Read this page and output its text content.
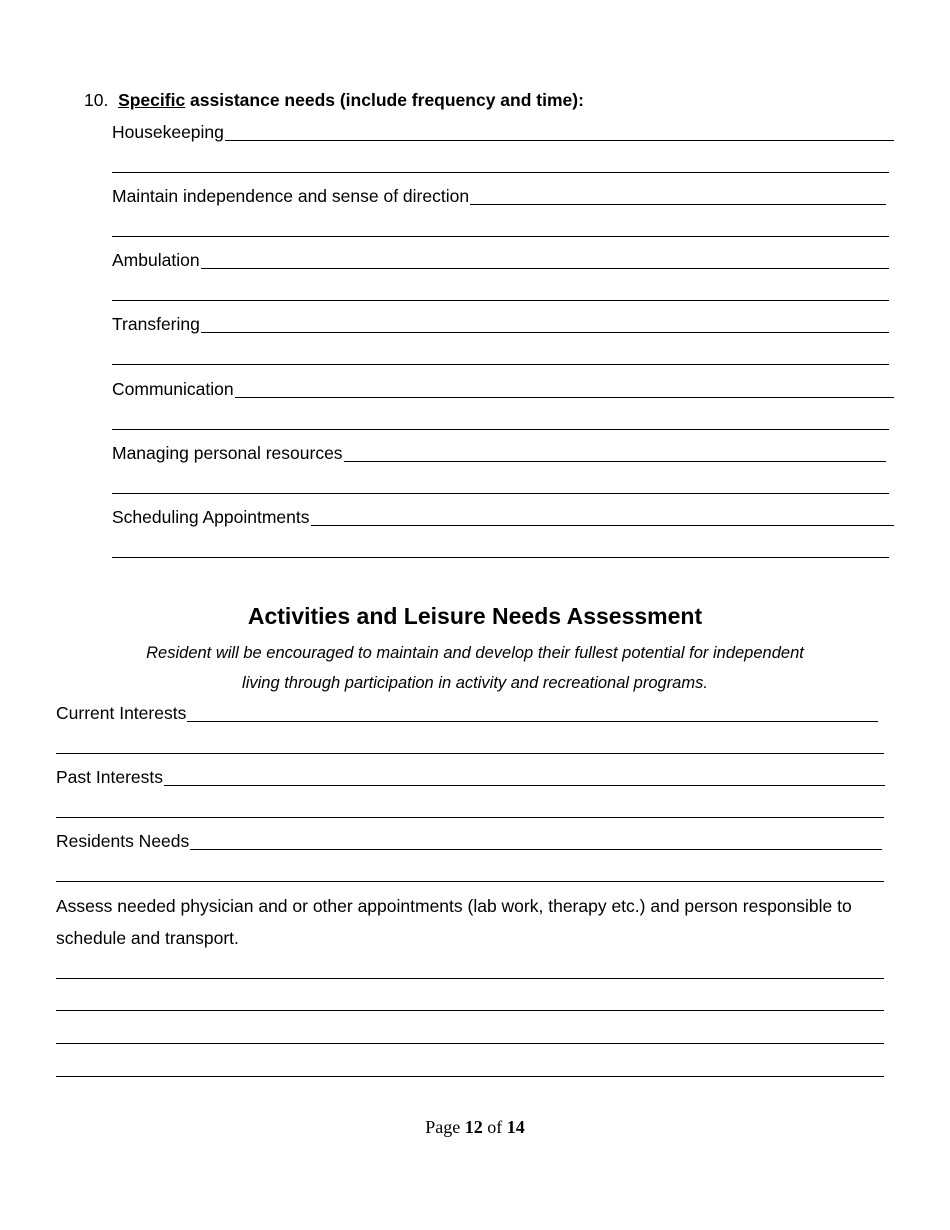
10. Specific assistance needs (include frequency and time):
Housekeeping
Maintain independence and sense of direction
Ambulation
Transfering
Communication
Managing personal resources
Scheduling Appointments
Activities and Leisure Needs Assessment
Resident will be encouraged to maintain and develop their fullest potential for independent
living through participation in activity and recreational programs.
Current Interests
Past Interests
Residents Needs
Assess needed physician and or other appointments (lab work, therapy etc.) and person responsible to schedule and transport.
Page 12 of 14
